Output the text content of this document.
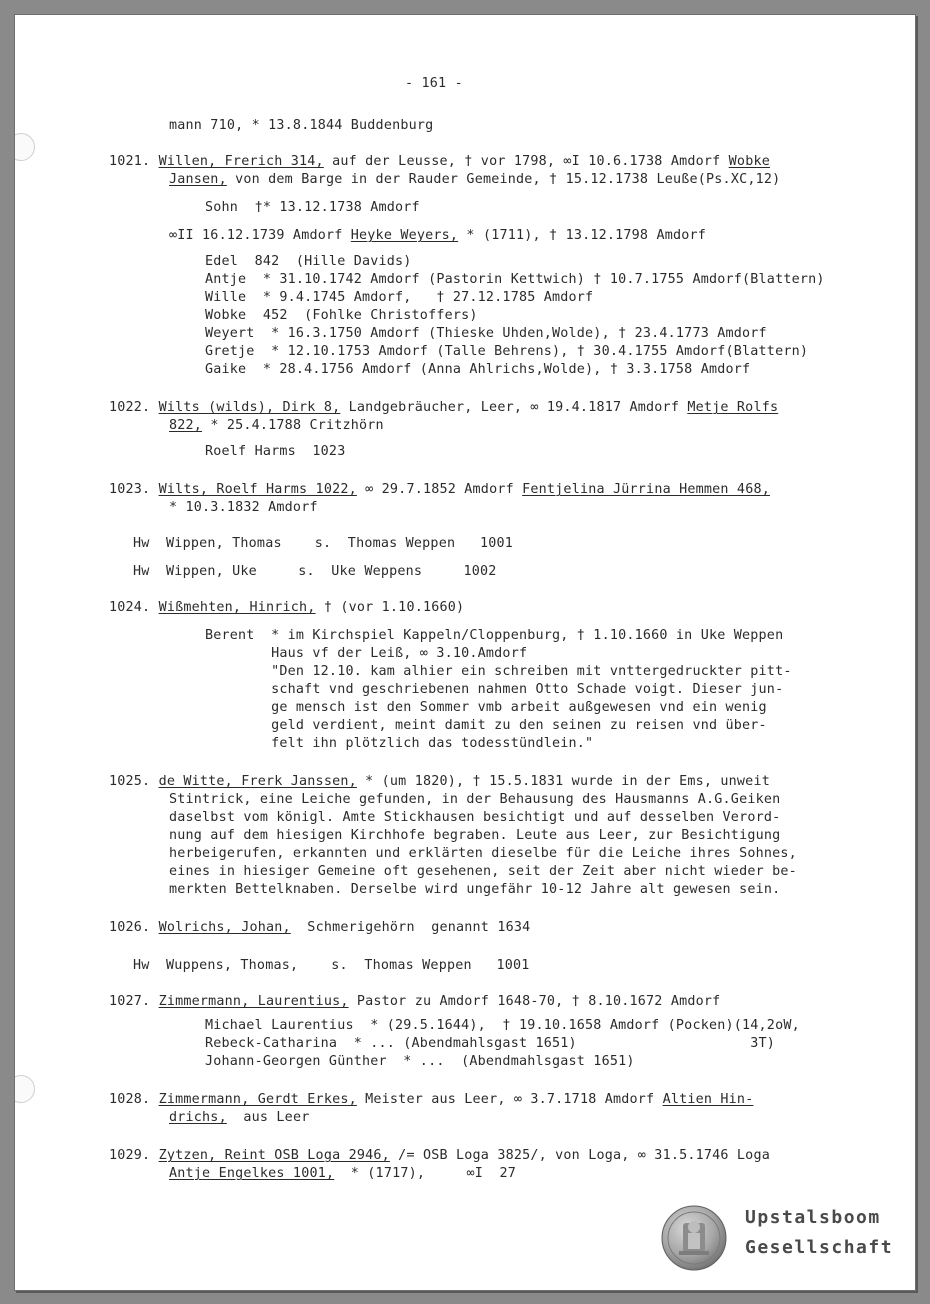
- 161 -
mann 710, * 13.8.1844 Buddenburg
1021. Willen, Frerich 314, auf der Leusse, † vor 1798, ∞I 10.6.1738 Amdorf Wobke
Jansen, von dem Barge in der Rauder Gemeinde, † 15.12.1738 Leuße(Ps.XC,12)
Sohn  †* 13.12.1738 Amdorf
∞II 16.12.1739 Amdorf Heyke Weyers, * (1711), † 13.12.1798 Amdorf
Edel  842  (Hille Davids)
Antje  * 31.10.1742 Amdorf (Pastorin Kettwich) † 10.7.1755 Amdorf(Blattern)
Wille  * 9.4.1745 Amdorf,   † 27.12.1785 Amdorf
Wobke  452  (Fohlke Christoffers)
Weyert  * 16.3.1750 Amdorf (Thieske Uhden,Wolde), † 23.4.1773 Amdorf
Gretje  * 12.10.1753 Amdorf (Talle Behrens), † 30.4.1755 Amdorf(Blattern)
Gaike  * 28.4.1756 Amdorf (Anna Ahlrichs,Wolde), † 3.3.1758 Amdorf
1022. Wilts (wilds), Dirk 8, Landgebräucher, Leer, ∞ 19.4.1817 Amdorf Metje Rolfs
822, * 25.4.1788 Critzhörn
Roelf Harms  1023
1023. Wilts, Roelf Harms 1022, ∞ 29.7.1852 Amdorf Fentjelina Jürrina Hemmen 468,
* 10.3.1832 Amdorf
Hw  Wippen, Thomas    s.  Thomas Weppen   1001
Hw  Wippen, Uke     s.  Uke Weppens     1002
1024. Wißmehten, Hinrich, † (vor 1.10.1660)
Berent  * im Kirchspiel Kappeln/Cloppenburg, † 1.10.1660 in Uke Weppen
Haus vf der Leiß, ∞ 3.10.Amdorf
"Den 12.10. kam alhier ein schreiben mit vnttergedruckter pitt-
schaft vnd geschriebenen nahmen Otto Schade voigt. Dieser jun-
ge mensch ist den Sommer vmb arbeit außgewesen vnd ein wenig
geld verdient, meint damit zu den seinen zu reisen vnd über-
felt ihn plötzlich das todesstündlein."
1025. de Witte, Frerk Janssen, * (um 1820), † 15.5.1831 wurde in der Ems, unweit
Stintrick, eine Leiche gefunden, in der Behausung des Hausmanns A.G.Geiken
daselbst vom königl. Amte Stickhausen besichtigt und auf desselben Verord-
nung auf dem hiesigen Kirchhofe begraben. Leute aus Leer, zur Besichtigung
herbeigerufen, erkannten und erklärten dieselbe für die Leiche ihres Sohnes,
eines in hiesiger Gemeine oft gesehenen, seit der Zeit aber nicht wieder be-
merkten Bettelknaben. Derselbe wird ungefähr 10-12 Jahre alt gewesen sein.
1026. Wolrichs, Johan,  Schmerigehörn  genannt 1634
Hw  Wuppens, Thomas,    s.  Thomas Weppen   1001
1027. Zimmermann, Laurentius, Pastor zu Amdorf 1648-70, † 8.10.1672 Amdorf
Michael Laurentius  * (29.5.1644),  † 19.10.1658 Amdorf (Pocken)(14,2oW,
Rebeck-Catharina  * ... (Abendmahlsgast 1651)                     3T)
Johann-Georgen Günther  * ...  (Abendmahlsgast 1651)
1028. Zimmermann, Gerdt Erkes, Meister aus Leer, ∞ 3.7.1718 Amdorf Altien Hin-
drichs,  aus Leer
1029. Zytzen, Reint OSB Loga 2946, /= OSB Loga 3825/, von Loga, ∞ 31.5.1746 Loga
Antje Engelkes 1001,  * (1717),     ∞I  27
Upstalsboom
Gesellschaft
